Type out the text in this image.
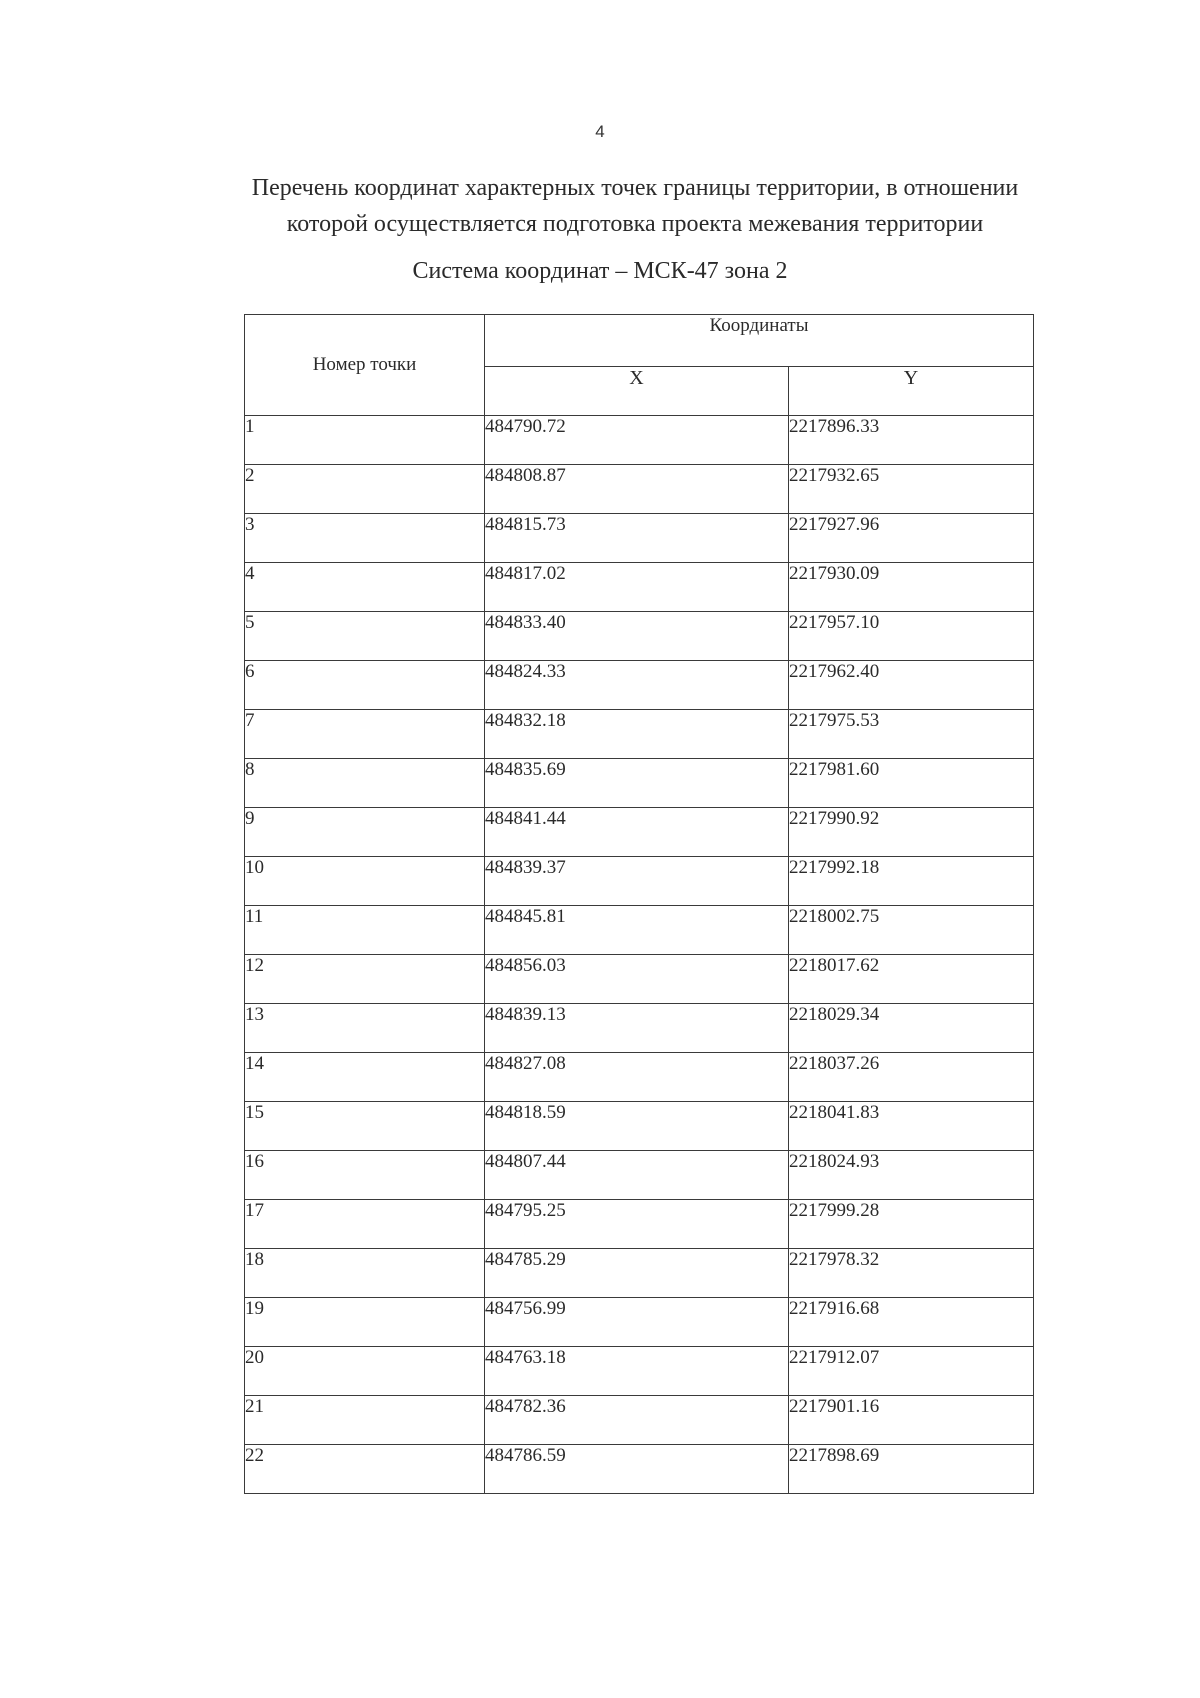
4
Перечень координат характерных точек границы территории, в отношении
которой осуществляется подготовка проекта межевания территории
Система координат – МСК-47 зона 2
Номер точки	Координаты	
	X	Y
1	484790.72	2217896.33
2	484808.87	2217932.65
3	484815.73	2217927.96
4	484817.02	2217930.09
5	484833.40	2217957.10
6	484824.33	2217962.40
7	484832.18	2217975.53
8	484835.69	2217981.60
9	484841.44	2217990.92
10	484839.37	2217992.18
11	484845.81	2218002.75
12	484856.03	2218017.62
13	484839.13	2218029.34
14	484827.08	2218037.26
15	484818.59	2218041.83
16	484807.44	2218024.93
17	484795.25	2217999.28
18	484785.29	2217978.32
19	484756.99	2217916.68
20	484763.18	2217912.07
21	484782.36	2217901.16
22	484786.59	2217898.69
